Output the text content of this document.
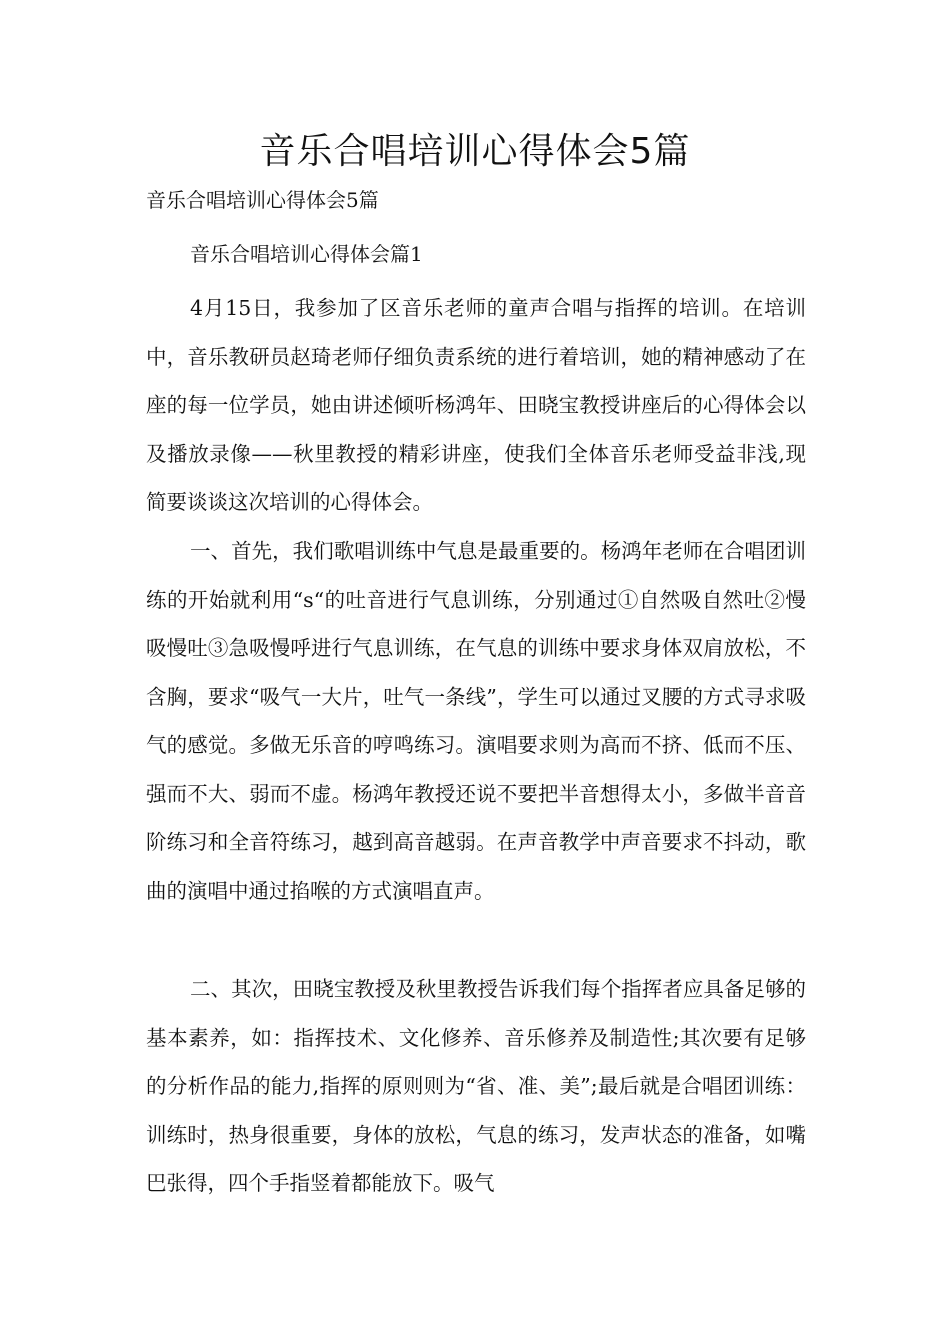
音乐合唱培训心得体会5篇

音乐合唱培训心得体会5篇

音乐合唱培训心得体会篇1

4月15日，我参加了区音乐老师的童声合唱与指挥的培训。在培训中，音乐教研员赵琦老师仔细负责系统的进行着培训，她的精神感动了在座的每一位学员，她由讲述倾听杨鸿年、田晓宝教授讲座后的心得体会以及播放录像——秋里教授的精彩讲座，使我们全体音乐老师受益非浅,现简要谈谈这次培训的心得体会。

一、首先，我们歌唱训练中气息是最重要的。杨鸿年老师在合唱团训练的开始就利用“s“的吐音进行气息训练，分别通过①自然吸自然吐②慢吸慢吐③急吸慢呼进行气息训练，在气息的训练中要求身体双肩放松，不含胸，要求“吸气一大片，吐气一条线”，学生可以通过叉腰的方式寻求吸气的感觉。多做无乐音的哼鸣练习。演唱要求则为高而不挤、低而不压、强而不大、弱而不虚。杨鸿年教授还说不要把半音想得太小，多做半音音阶练习和全音符练习，越到高音越弱。在声音教学中声音要求不抖动，歌曲的演唱中通过掐喉的方式演唱直声。

二、其次，田晓宝教授及秋里教授告诉我们每个指挥者应具备足够的基本素养，如：指挥技术、文化修养、音乐修养及制造性;其次要有足够的分析作品的能力,指挥的原则则为“省、准、美”;最后就是合唱团训练：训练时，热身很重要，身体的放松，气息的练习，发声状态的准备，如嘴巴张得，四个手指竖着都能放下。吸气
